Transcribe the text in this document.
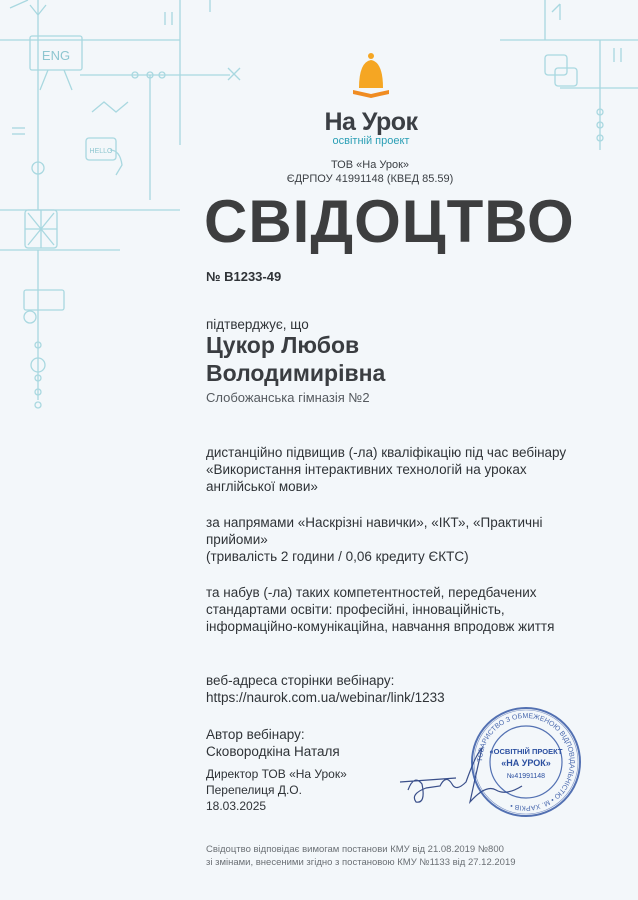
ENG
HELLO
На Урок
освітній проект
ТОВ «На Урок»
ЄДРПОУ 41991148 (КВЕД 85.59)
СВІДОЦТВО
№ B1233-49
підтверджує, що
Цукор Любов
Володимирівна
Слобожанська гімназія №2
дистанційно підвищив (-ла) кваліфікацію під час вебінару «Використання інтерактивних технологій на уроках англійської мови»
за напрямами «Наскрізні навички», «ІКТ», «Практичні прийоми»
(тривалість 2 години / 0,06 кредиту ЄКТС)
та набув (-ла) таких компетентностей, передбачених стандартами освіти: професійні, інноваційність, інформаційно-комунікаційна, навчання впродовж життя
веб-адреса сторінки вебінару:
https://naurok.com.ua/webinar/link/1233
Автор вебінару:
Сковородкіна Наталя
Директор ТОВ «На Урок»
Перепелиця Д.О.
18.03.2025
ТОВАРИСТВО З ОБМЕЖЕНОЮ ВІДПОВІДАЛЬНІСТЮ • М. ХАРКІВ •
«ОСВІТНІЙ ПРОЕКТ
«НА УРОК»
№41991148
Свідоцтво відповідає вимогам постанови КМУ від 21.08.2019 №800
зі змінами, внесеними згідно з постановою КМУ №1133 від 27.12.2019
